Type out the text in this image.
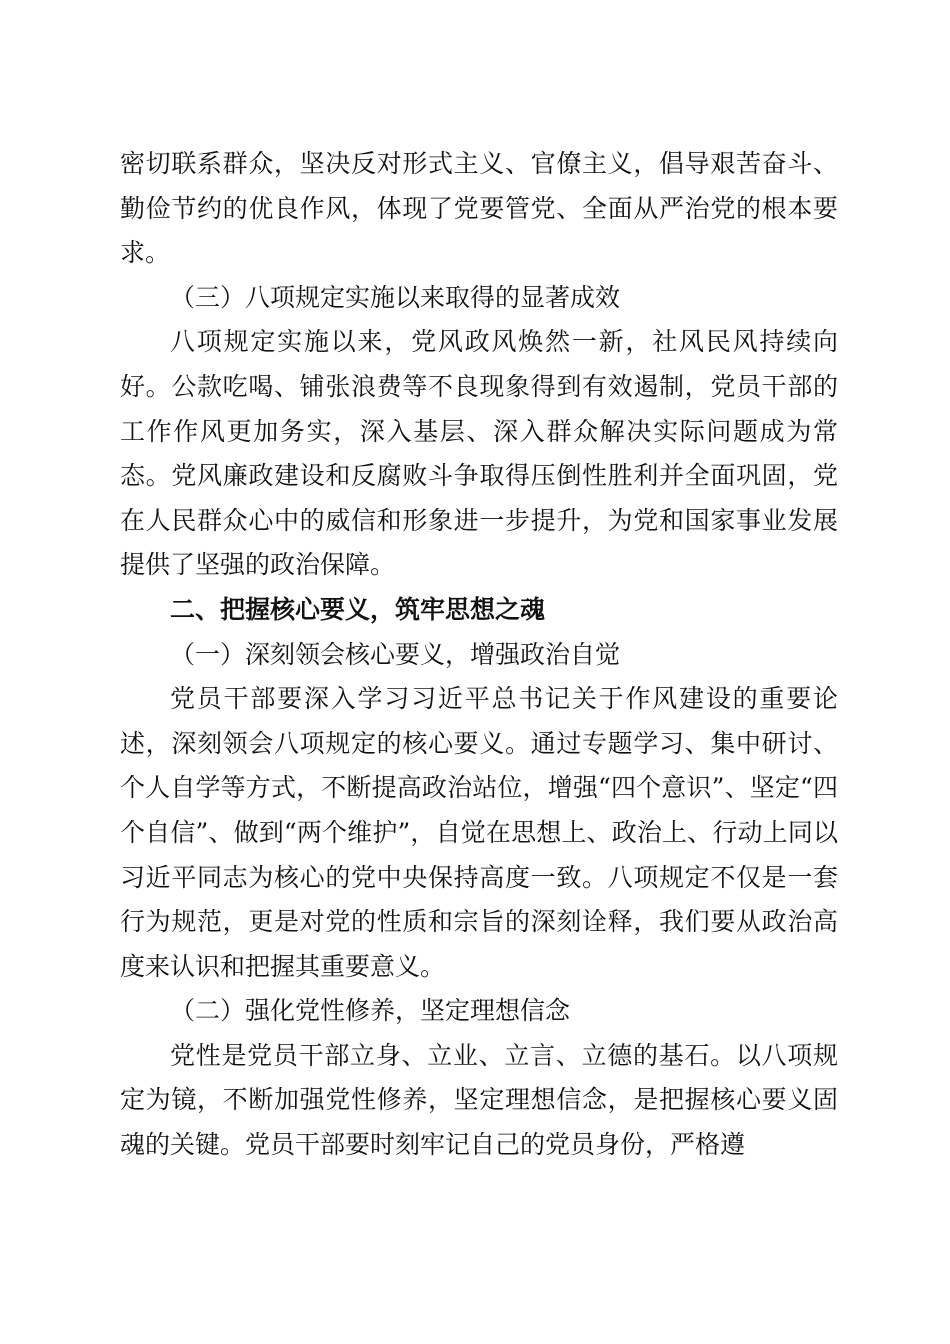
密切联系群众，坚决反对形式主义、官僚主义，倡导艰苦奋斗、勤俭节约的优良作风，体现了党要管党、全面从严治党的根本要求。

（三）八项规定实施以来取得的显著成效

八项规定实施以来，党风政风焕然一新，社风民风持续向好。公款吃喝、铺张浪费等不良现象得到有效遏制，党员干部的工作作风更加务实，深入基层、深入群众解决实际问题成为常态。党风廉政建设和反腐败斗争取得压倒性胜利并全面巩固，党在人民群众心中的威信和形象进一步提升，为党和国家事业发展提供了坚强的政治保障。

二、把握核心要义，筑牢思想之魂

（一）深刻领会核心要义，增强政治自觉

党员干部要深入学习习近平总书记关于作风建设的重要论述，深刻领会八项规定的核心要义。通过专题学习、集中研讨、个人自学等方式，不断提高政治站位，增强“四个意识”、坚定“四个自信”、做到“两个维护”，自觉在思想上、政治上、行动上同以习近平同志为核心的党中央保持高度一致。八项规定不仅是一套行为规范，更是对党的性质和宗旨的深刻诠释，我们要从政治高度来认识和把握其重要意义。

（二）强化党性修养，坚定理想信念

党性是党员干部立身、立业、立言、立德的基石。以八项规定为镜，不断加强党性修养，坚定理想信念，是把握核心要义固魂的关键。党员干部要时刻牢记自己的党员身份，严格遵
